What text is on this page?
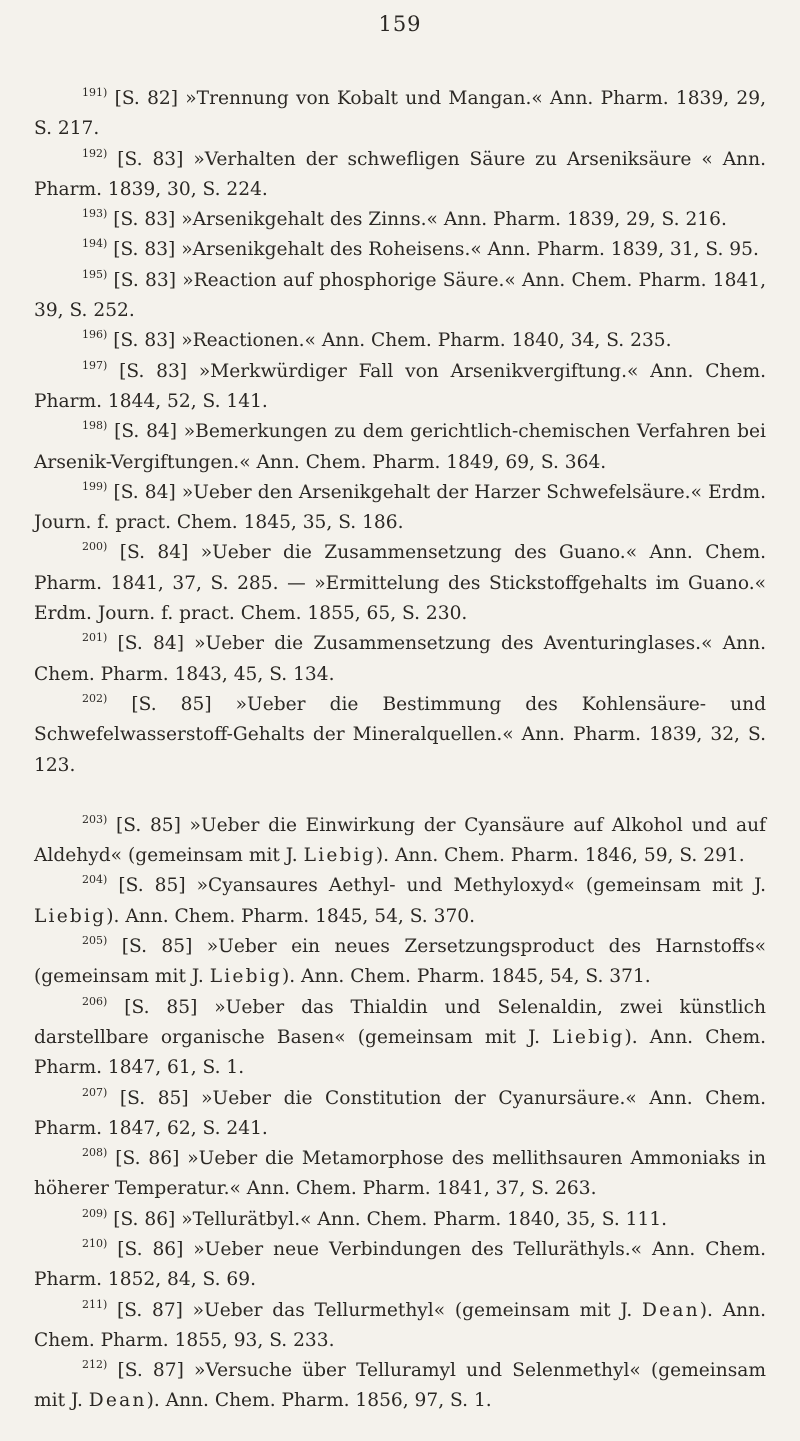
159

$^{191)}$ [S. 82] »Trennung von Kobalt und Mangan.« Ann. Pharm. 1839, 29, S. 217.

$^{192)}$ [S. 83] »Verhalten der schwefligen Säure zu Arseniksäure « Ann. Pharm. 1839, 30, S. 224.

$^{193)}$ [S. 83] »Arsenikgehalt des Zinns.« Ann. Pharm. 1839, 29, S. 216.

$^{194)}$ [S. 83] »Arsenikgehalt des Roheisens.« Ann. Pharm. 1839, 31, S. 95.

$^{195)}$ [S. 83] »Reaction auf phosphorige Säure.« Ann. Chem. Pharm. 1841, 39, S. 252.

$^{196)}$ [S. 83] »Reactionen.« Ann. Chem. Pharm. 1840, 34, S. 235.

$^{197)}$ [S. 83] »Merkwürdiger Fall von Arsenikvergiftung.« Ann. Chem. Pharm. 1844, 52, S. 141.

$^{198)}$ [S. 84] »Bemerkungen zu dem gerichtlich-chemischen Verfahren bei Arsenik-Vergiftungen.« Ann. Chem. Pharm. 1849, 69, S. 364.

$^{199)}$ [S. 84] »Ueber den Arsenikgehalt der Harzer Schwefelsäure.« Erdm. Journ. f. pract. Chem. 1845, 35, S. 186.

$^{200)}$ [S. 84] »Ueber die Zusammensetzung des Guano.« Ann. Chem. Pharm. 1841, 37, S. 285. — »Ermittelung des Stickstoffgehalts im Guano.« Erdm. Journ. f. pract. Chem. 1855, 65, S. 230.

$^{201)}$ [S. 84] »Ueber die Zusammensetzung des Aventuringlases.« Ann. Chem. Pharm. 1843, 45, S. 134.

$^{202)}$ [S. 85] »Ueber die Bestimmung des Kohlensäure- und Schwefelwasserstoff-Gehalts der Mineralquellen.« Ann. Pharm. 1839, 32, S. 123.

$^{203)}$ [S. 85] »Ueber die Einwirkung der Cyansäure auf Alkohol und auf Aldehyd« (gemeinsam mit J. Liebig). Ann. Chem. Pharm. 1846, 59, S. 291.

$^{204)}$ [S. 85] »Cyansaures Aethyl- und Methyloxyd« (gemeinsam mit J. Liebig). Ann. Chem. Pharm. 1845, 54, S. 370.

$^{205)}$ [S. 85] »Ueber ein neues Zersetzungsproduct des Harnstoffs« (gemeinsam mit J. Liebig). Ann. Chem. Pharm. 1845, 54, S. 371.

$^{206)}$ [S. 85] »Ueber das Thialdin und Selenaldin, zwei künstlich darstellbare organische Basen« (gemeinsam mit J. Liebig). Ann. Chem. Pharm. 1847, 61, S. 1.

$^{207)}$ [S. 85] »Ueber die Constitution der Cyanursäure.« Ann. Chem. Pharm. 1847, 62, S. 241.

$^{208)}$ [S. 86] »Ueber die Metamorphose des mellithsauren Ammoniaks in höherer Temperatur.« Ann. Chem. Pharm. 1841, 37, S. 263.

$^{209)}$ [S. 86] »Tellurätbyl.« Ann. Chem. Pharm. 1840, 35, S. 111.

$^{210)}$ [S. 86] »Ueber neue Verbindungen des Telluräthyls.« Ann. Chem. Pharm. 1852, 84, S. 69.

$^{211)}$ [S. 87] »Ueber das Tellurmethyl« (gemeinsam mit J. Dean). Ann. Chem. Pharm. 1855, 93, S. 233.

$^{212)}$ [S. 87] »Versuche über Telluramyl und Selenmethyl« (gemeinsam mit J. Dean). Ann. Chem. Pharm. 1856, 97, S. 1.
